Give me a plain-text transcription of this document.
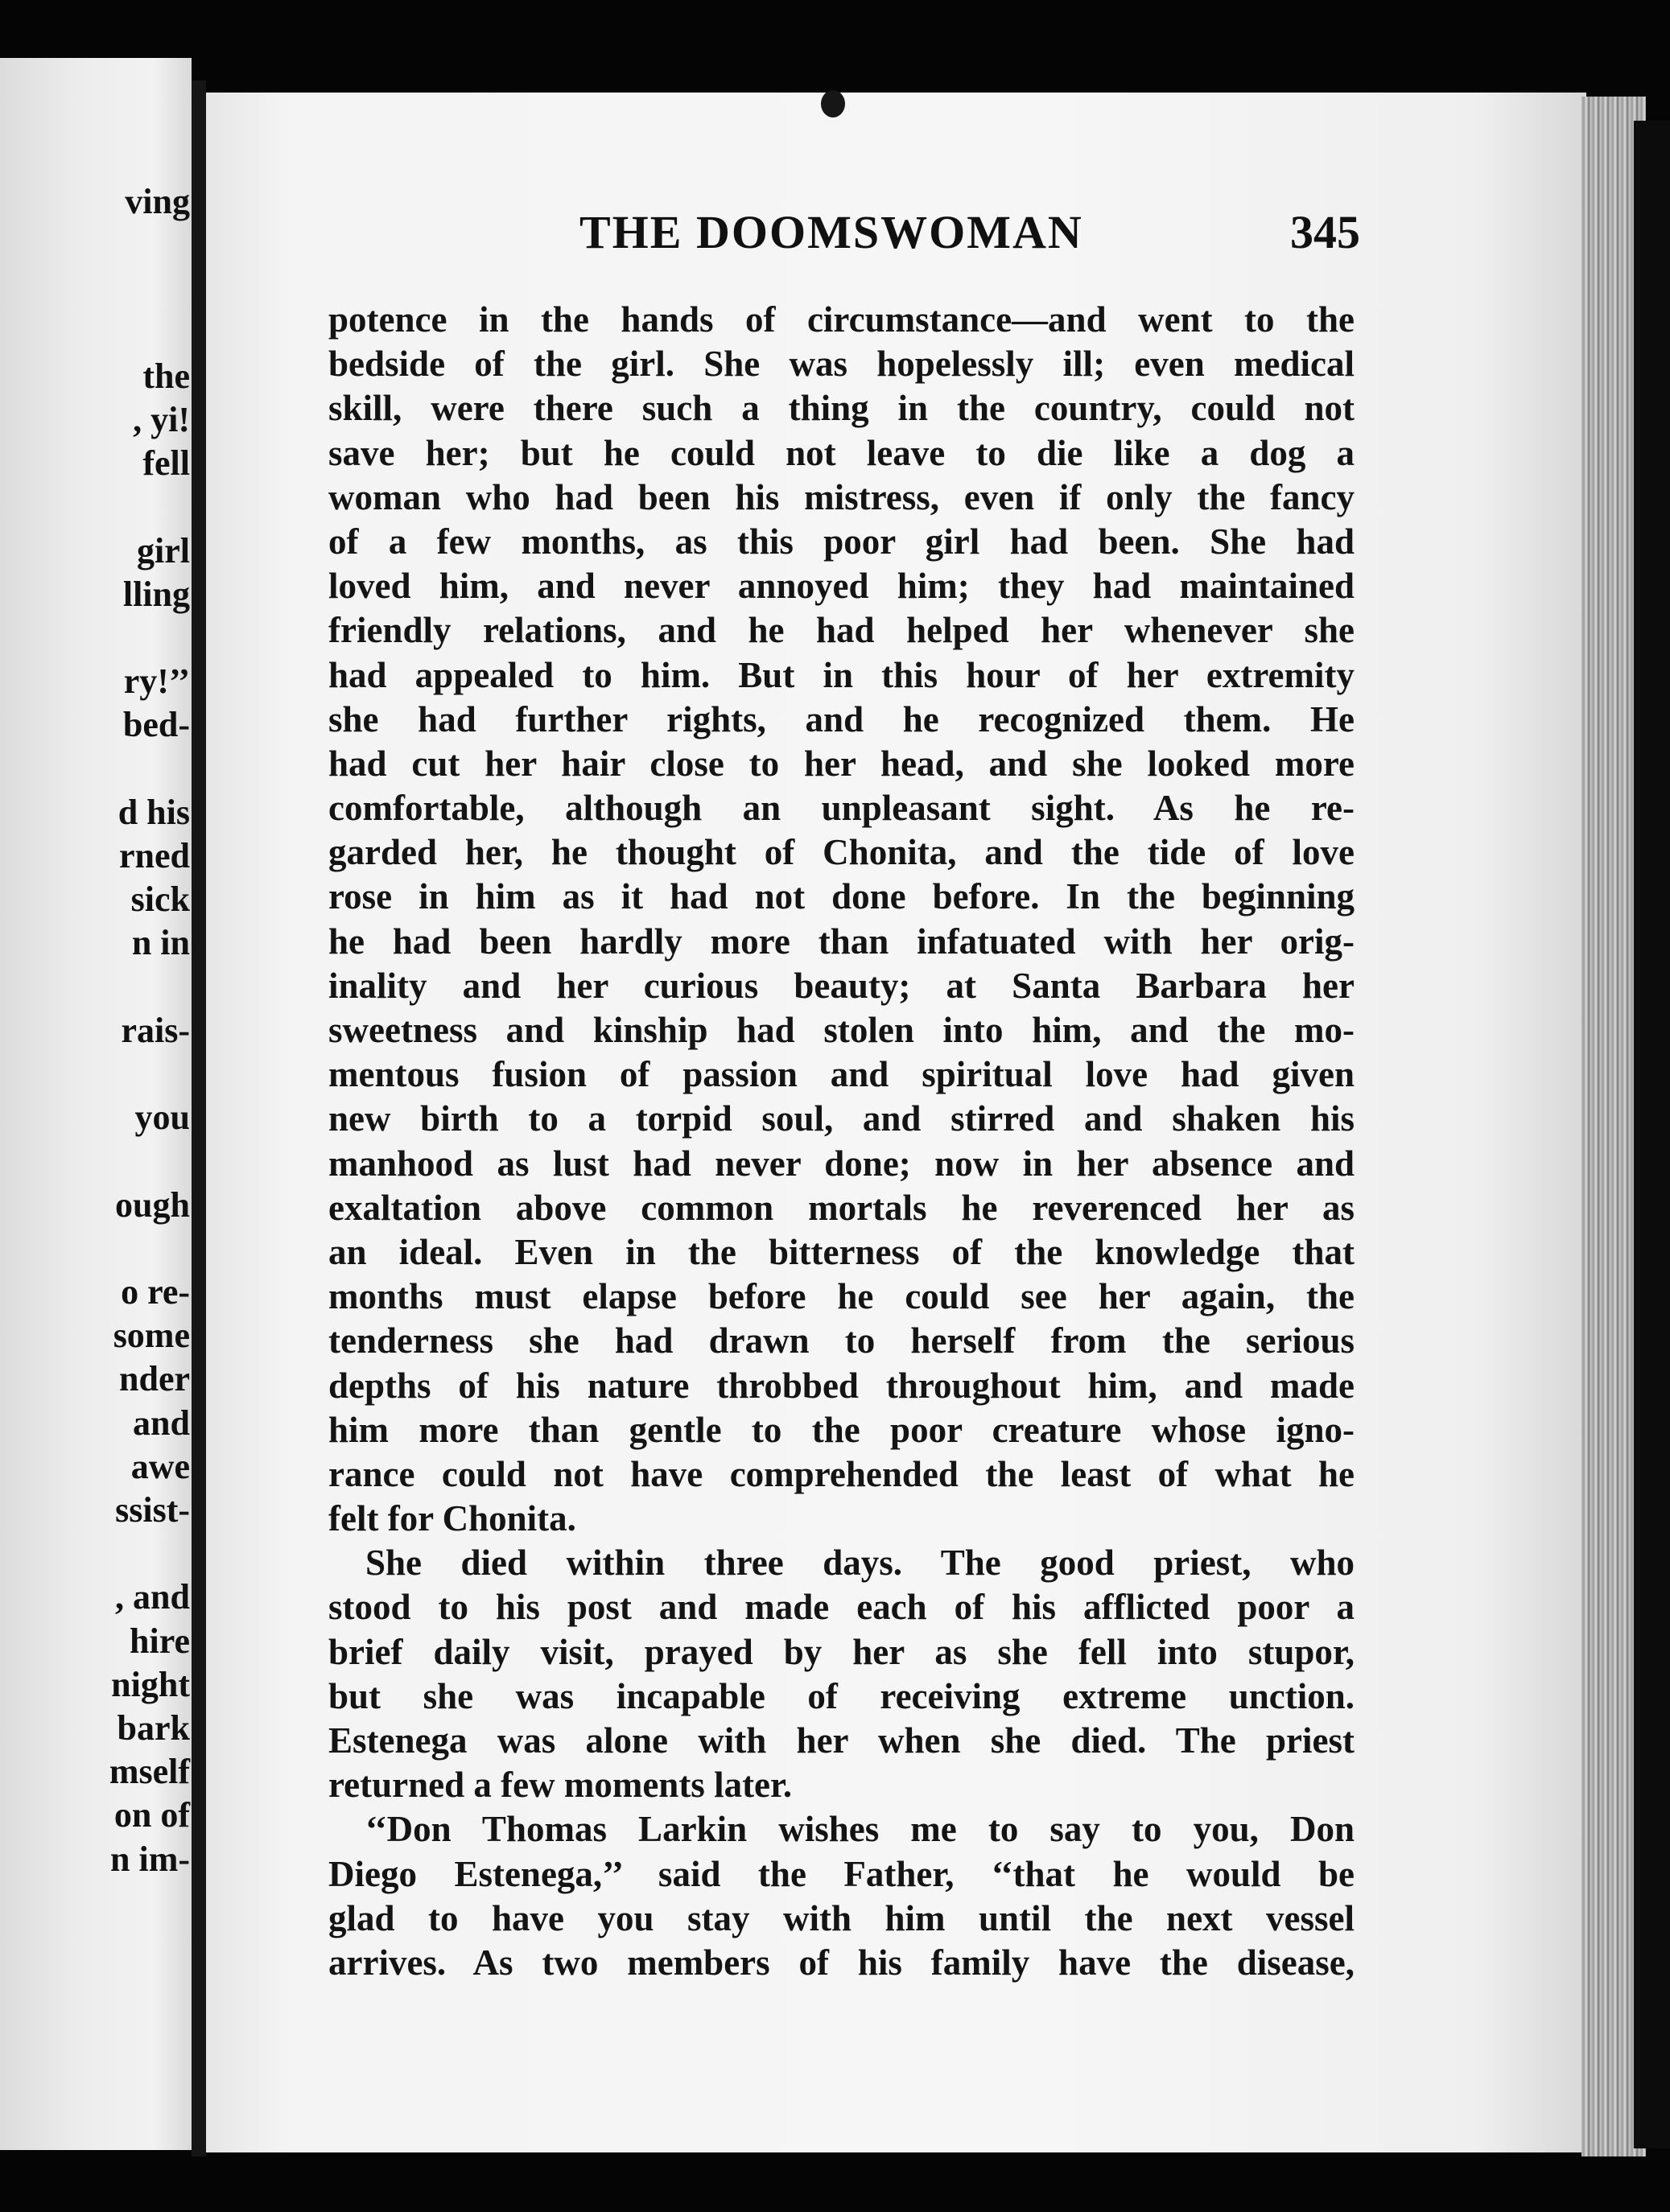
ving
the
, yi!
fell
girl
lling
ry!’’
bed-
d his
rned
sick
n in
rais-
you
ough
o re-
some
nder
and
awe
ssist-
, and
hire
night
bark
mself
on of
n im-
THE DOOMSWOMAN	345
potence in the hands of circumstance—and went to the
bedside of the girl. She was hopelessly ill; even medical
skill, were there such a thing in the country, could not
save her; but he could not leave to die like a dog a
woman who had been his mistress, even if only the fancy
of a few months, as this poor girl had been. She had
loved him, and never annoyed him; they had maintained
friendly relations, and he had helped her whenever she
had appealed to him. But in this hour of her extremity
she had further rights, and he recognized them. He
had cut her hair close to her head, and she looked more
comfortable, although an unpleasant sight. As he re-
garded her, he thought of Chonita, and the tide of love
rose in him as it had not done before. In the beginning
he had been hardly more than infatuated with her orig-
inality and her curious beauty; at Santa Barbara her
sweetness and kinship had stolen into him, and the mo-
mentous fusion of passion and spiritual love had given
new birth to a torpid soul, and stirred and shaken his
manhood as lust had never done; now in her absence and
exaltation above common mortals he reverenced her as
an ideal. Even in the bitterness of the knowledge that
months must elapse before he could see her again, the
tenderness she had drawn to herself from the serious
depths of his nature throbbed throughout him, and made
him more than gentle to the poor creature whose igno-
rance could not have comprehended the least of what he
felt for Chonita.
She died within three days. The good priest, who
stood to his post and made each of his afflicted poor a
brief daily visit, prayed by her as she fell into stupor,
but she was incapable of receiving extreme unction.
Estenega was alone with her when she died. The priest
returned a few moments later.
‘‘Don Thomas Larkin wishes me to say to you, Don
Diego Estenega,’’ said the Father, ‘‘that he would be
glad to have you stay with him until the next vessel
arrives. As two members of his family have the disease,
